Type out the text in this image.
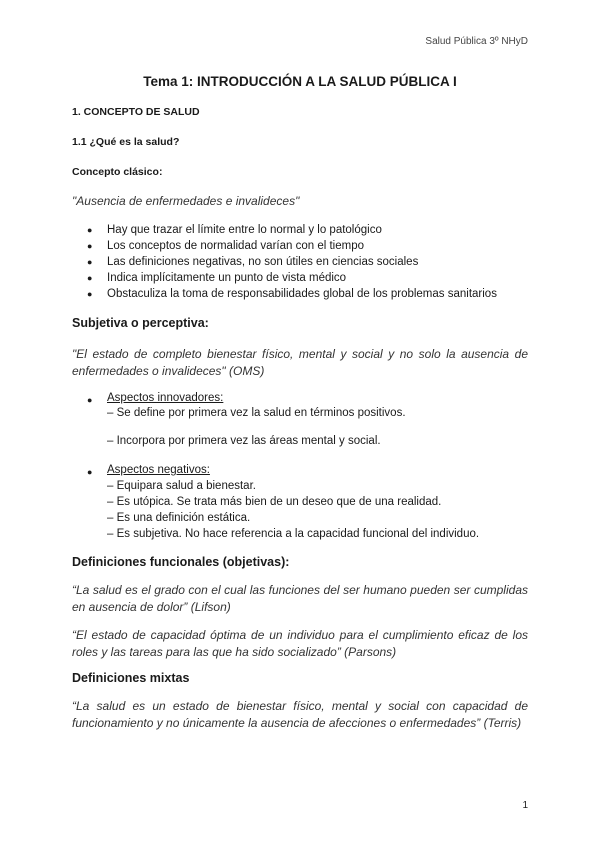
Salud Pública 3º NHyD
Tema 1: INTRODUCCIÓN A LA SALUD PÚBLICA I
1. CONCEPTO DE SALUD
1.1 ¿Qué es la salud?
Concepto clásico:
"Ausencia de enfermedades e invalideces"
● Hay que trazar el límite entre lo normal y lo patológico
● Los conceptos de normalidad varían con el tiempo
● Las definiciones negativas, no son útiles en ciencias sociales
● Indica implícitamente un punto de vista médico
● Obstaculiza la toma de responsabilidades global de los problemas sanitarios
Subjetiva o perceptiva:
"El estado de completo bienestar físico, mental y social y no solo la ausencia de enfermedades o invalideces" (OMS)
● Aspectos innovadores:
– Se define por primera vez la salud en términos positivos.
– Incorpora por primera vez las áreas mental y social.
● Aspectos negativos:
– Equipara salud a bienestar.
– Es utópica. Se trata más bien de un deseo que de una realidad.
– Es una definición estática.
– Es subjetiva. No hace referencia a la capacidad funcional del individuo.
Definiciones funcionales (objetivas):
“La salud es el grado con el cual las funciones del ser humano pueden ser cumplidas en ausencia de dolor” (Lifson)
“El estado de capacidad óptima de un individuo para el cumplimiento eficaz de los roles y las tareas para las que ha sido socializado” (Parsons)
Definiciones mixtas
“La salud es un estado de bienestar físico, mental y social con capacidad de funcionamiento y no únicamente la ausencia de afecciones o enfermedades” (Terris)
1
